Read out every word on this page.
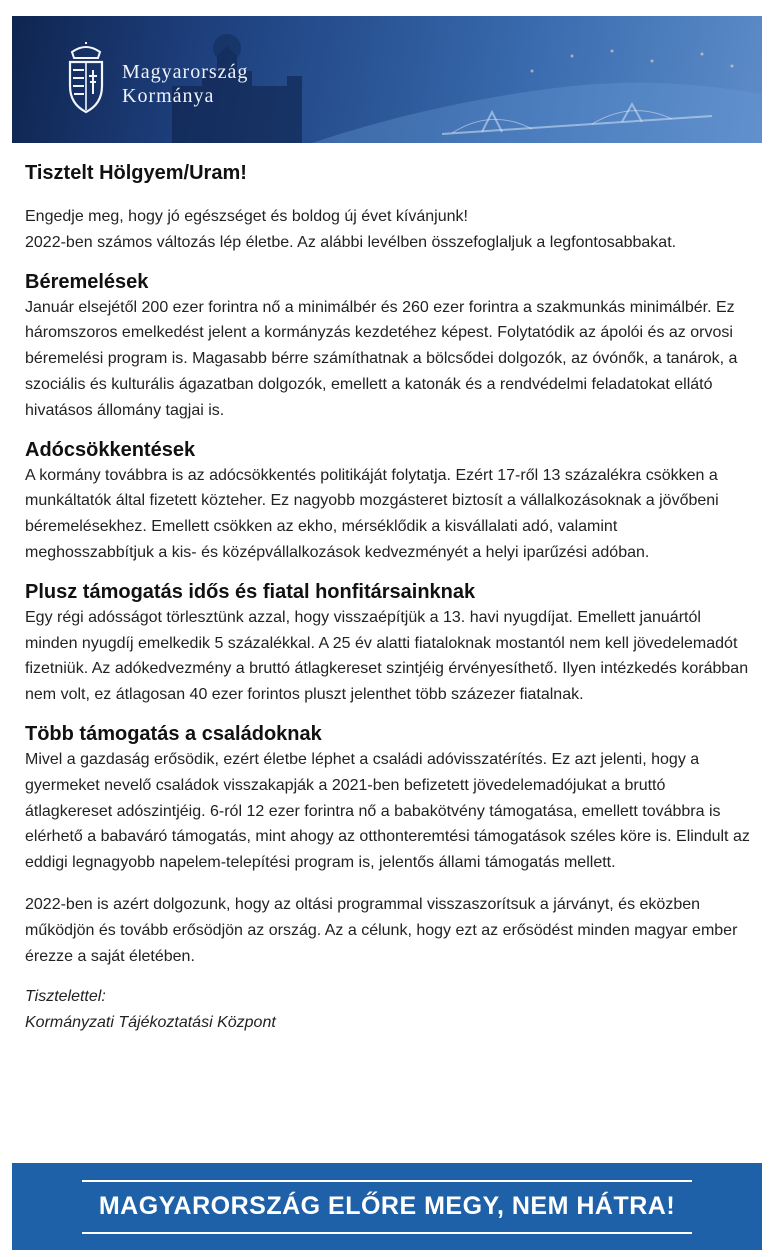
Magyarország
Kormánya

Tisztelt Hölgyem/Uram!

Engedje meg, hogy jó egészséget és boldog új évet kívánjunk!

2022-ben számos változás lép életbe. Az alábbi levélben összefoglaljuk a legfontosabbakat.

Béremelések

Január elsejétől 200 ezer forintra nő a minimálbér és 260 ezer forintra a szakmunkás minimálbér. Ez háromszoros emelkedést jelent a kormányzás kezdetéhez képest. Folytatódik az ápolói és az orvosi béremelési program is. Magasabb bérre számíthatnak a bölcsődei dolgozók, az óvónők, a tanárok, a szociális és kulturális ágazatban dolgozók, emellett a katonák és a rendvédelmi feladatokat ellátó hivatásos állomány tagjai is.

Adócsökkentések

A kormány továbbra is az adócsökkentés politikáját folytatja. Ezért 17-ről 13 százalékra csökken a munkáltatók által fizetett közteher. Ez nagyobb mozgásteret biztosít a vállalkozásoknak a jövőbeni béremelésekhez. Emellett csökken az ekho, mérséklődik a kisvállalati adó, valamint meghosszabbítjuk a kis- és középvállalkozások kedvezményét a helyi iparűzési adóban.

Plusz támogatás idős és fiatal honfitársainknak

Egy régi adósságot törlesztünk azzal, hogy visszaépítjük a 13. havi nyugdíjat. Emellett januártól minden nyugdíj emelkedik 5 százalékkal. A 25 év alatti fiataloknak mostantól nem kell jövedelemadót fizetniük. Az adókedvezmény a bruttó átlagkereset szintjéig érvényesíthető. Ilyen intézkedés korábban nem volt, ez átlagosan 40 ezer forintos pluszt jelenthet több százezer fiatalnak.

Több támogatás a családoknak

Mivel a gazdaság erősödik, ezért életbe léphet a családi adóvisszatérítés. Ez azt jelenti, hogy a gyermeket nevelő családok visszakapják a 2021-ben befizetett jövedelemadójukat a bruttó átlagkereset adószintjéig. 6-ról 12 ezer forintra nő a babakötvény támogatása, emellett továbbra is elérhető a babaváró támogatás, mint ahogy az otthonteremtési támogatások széles köre is. Elindult az eddigi legnagyobb napelem-telepítési program is, jelentős állami támogatás mellett.

2022-ben is azért dolgozunk, hogy az oltási programmal visszaszorítsuk a járványt, és eközben működjön és tovább erősödjön az ország. Az a célunk, hogy ezt az erősödést minden magyar ember érezze a saját életében.

Tisztelettel:

Kormányzati Tájékoztatási Központ

MAGYARORSZÁG ELŐRE MEGY, NEM HÁTRA!
